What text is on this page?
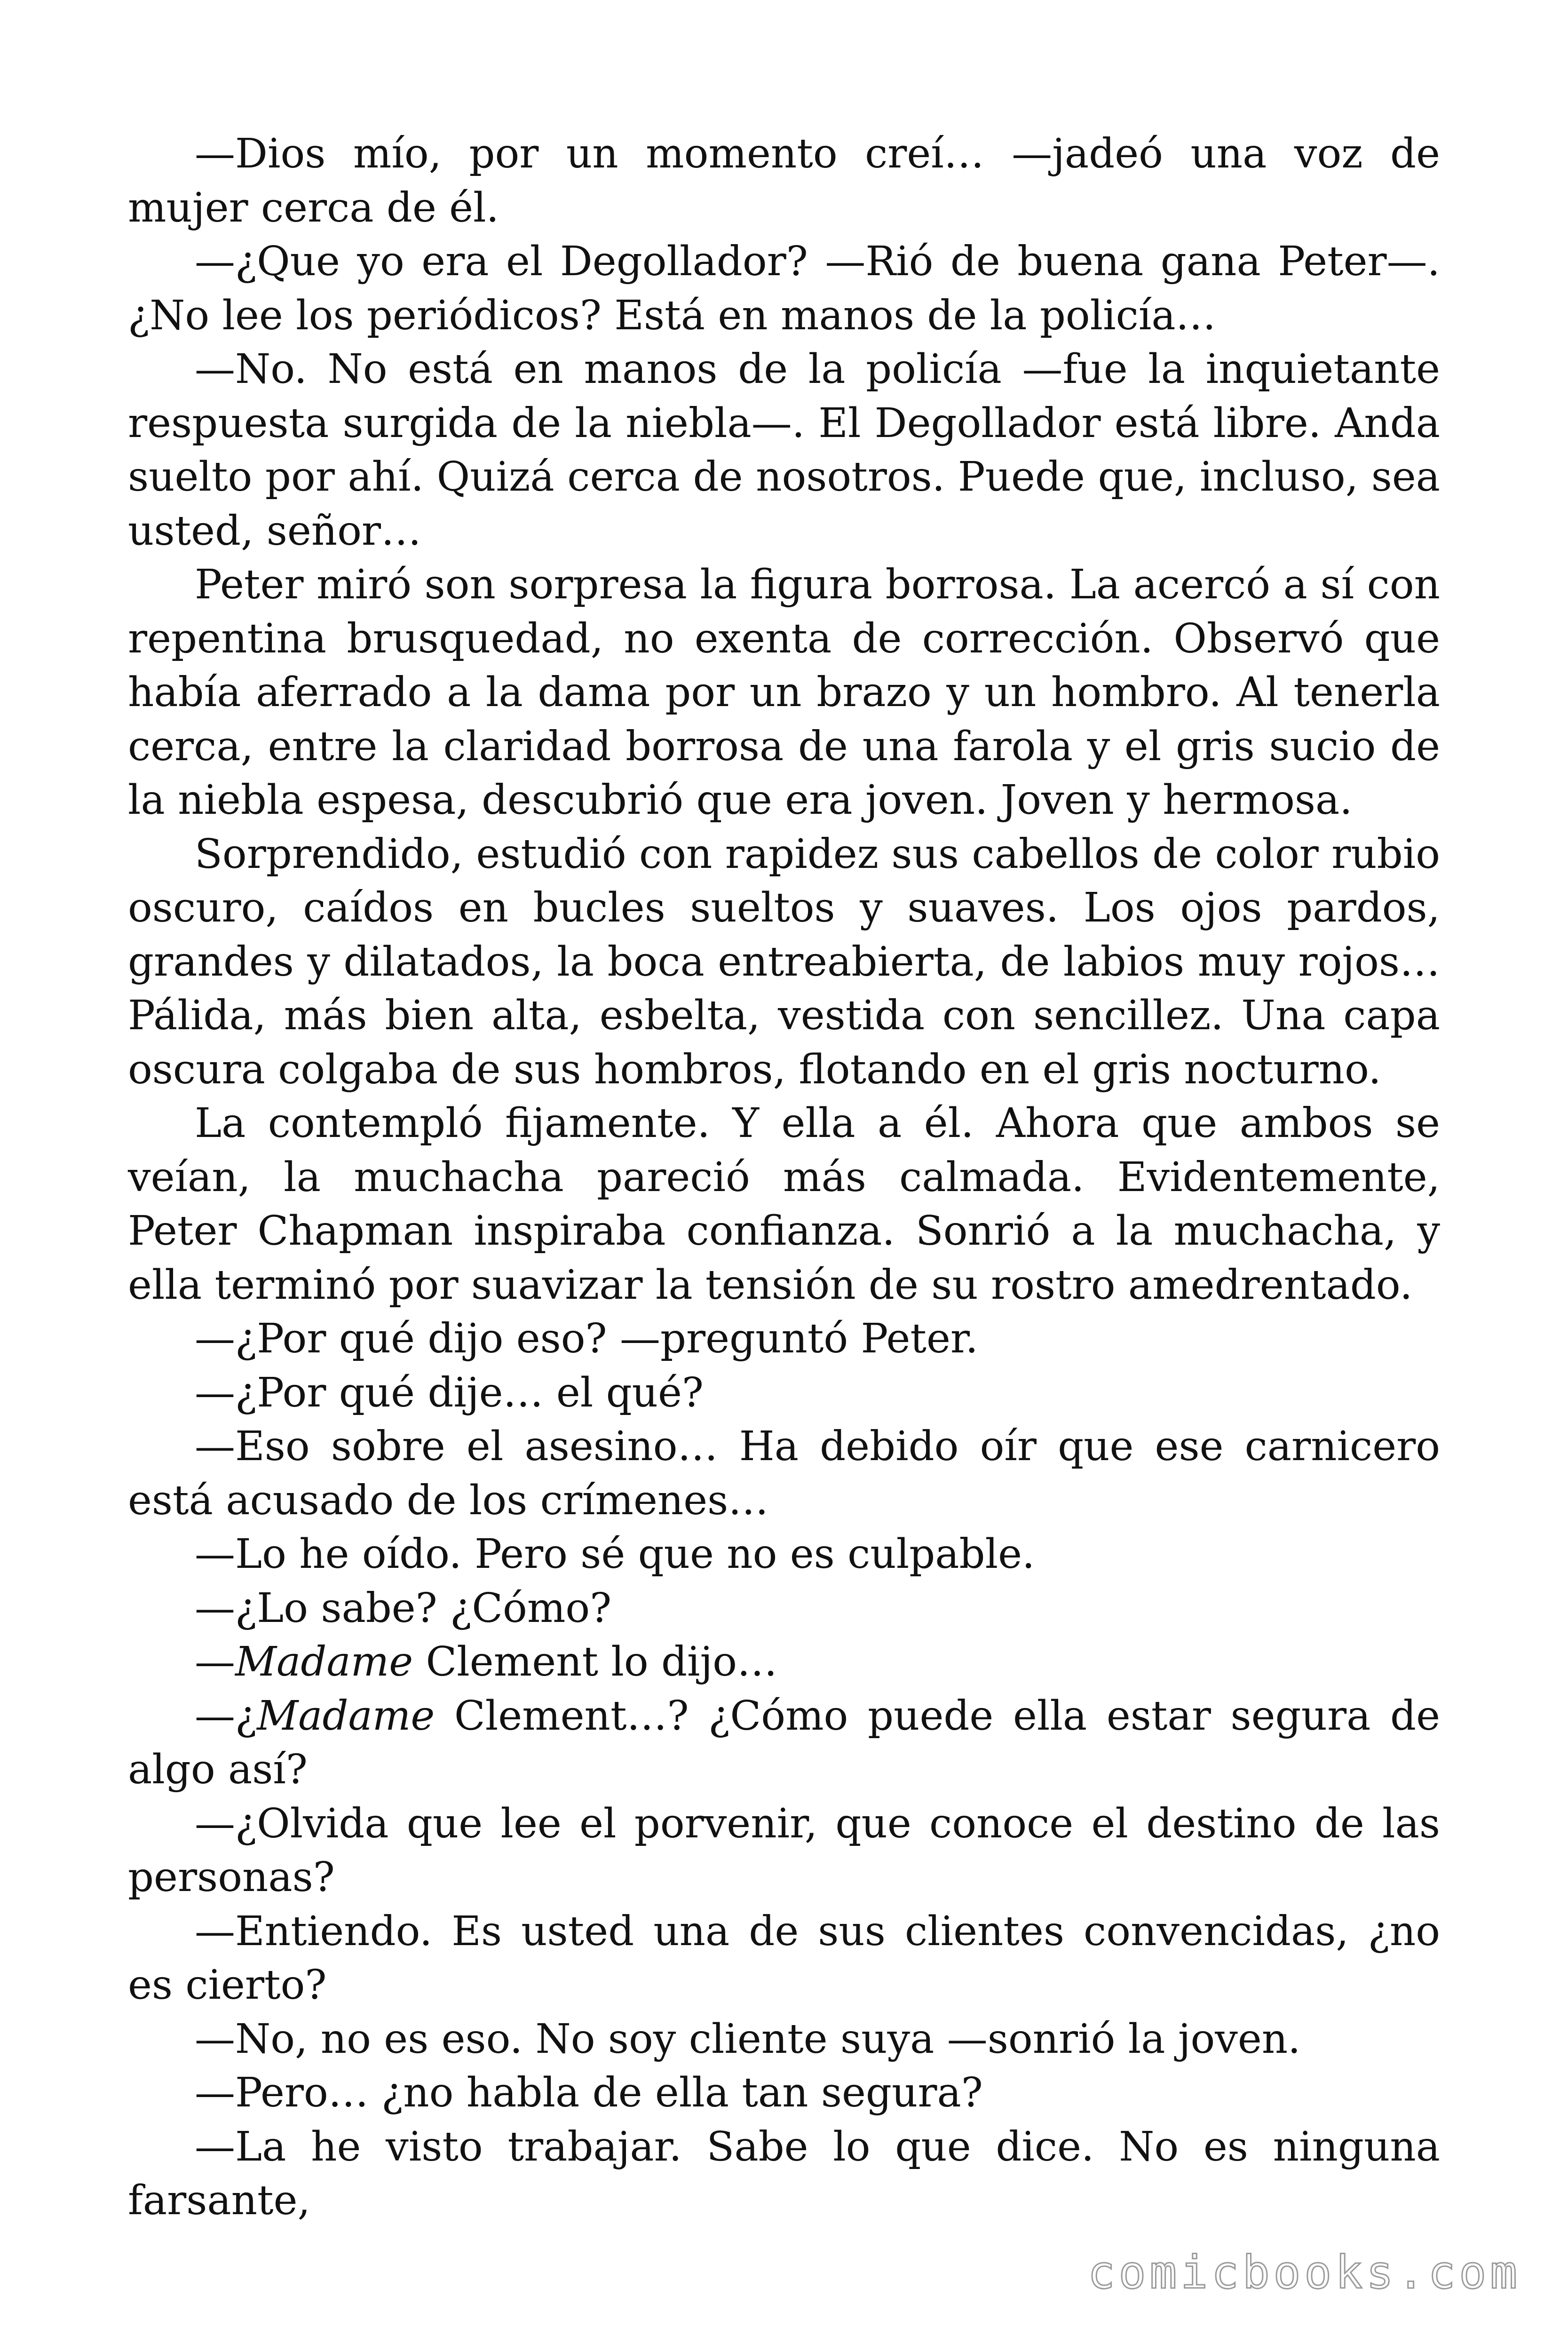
—Dios mío, por un momento creí… —jadeó una voz de mujer cerca de él.

—¿Que yo era el Degollador? —Rió de buena gana Peter—. ¿No lee los periódicos? Está en manos de la policía…

—No. No está en manos de la policía —fue la inquietante respuesta surgida de la niebla—. El Degollador está libre. Anda suelto por ahí. Quizá cerca de nosotros. Puede que, incluso, sea usted, señor…

Peter miró son sorpresa la figura borrosa. La acercó a sí con repentina brusquedad, no exenta de corrección. Observó que había aferrado a la dama por un brazo y un hombro. Al tenerla cerca, entre la claridad borrosa de una farola y el gris sucio de la niebla espesa, descubrió que era joven. Joven y hermosa.

Sorprendido, estudió con rapidez sus cabellos de color rubio oscuro, caídos en bucles sueltos y suaves. Los ojos pardos, grandes y dilatados, la boca entreabierta, de labios muy rojos… Pálida, más bien alta, esbelta, vestida con sencillez. Una capa oscura colgaba de sus hombros, flotando en el gris nocturno.

La contempló fijamente. Y ella a él. Ahora que ambos se veían, la muchacha pareció más calmada. Evidentemente, Peter Chapman inspiraba confianza. Sonrió a la muchacha, y ella terminó por suavizar la tensión de su rostro amedrentado.

—¿Por qué dijo eso? —preguntó Peter.

—¿Por qué dije… el qué?

—Eso sobre el asesino… Ha debido oír que ese carnicero está acusado de los crímenes…

—Lo he oído. Pero sé que no es culpable.

—¿Lo sabe? ¿Cómo?

—Madame Clement lo dijo…

—¿Madame Clement…? ¿Cómo puede ella estar segura de algo así?

—¿Olvida que lee el porvenir, que conoce el destino de las personas?

—Entiendo. Es usted una de sus clientes convencidas, ¿no es cierto?

—No, no es eso. No soy cliente suya —sonrió la joven.

—Pero… ¿no habla de ella tan segura?

—La he visto trabajar. Sabe lo que dice. No es ninguna farsante,

comicbooks.com
